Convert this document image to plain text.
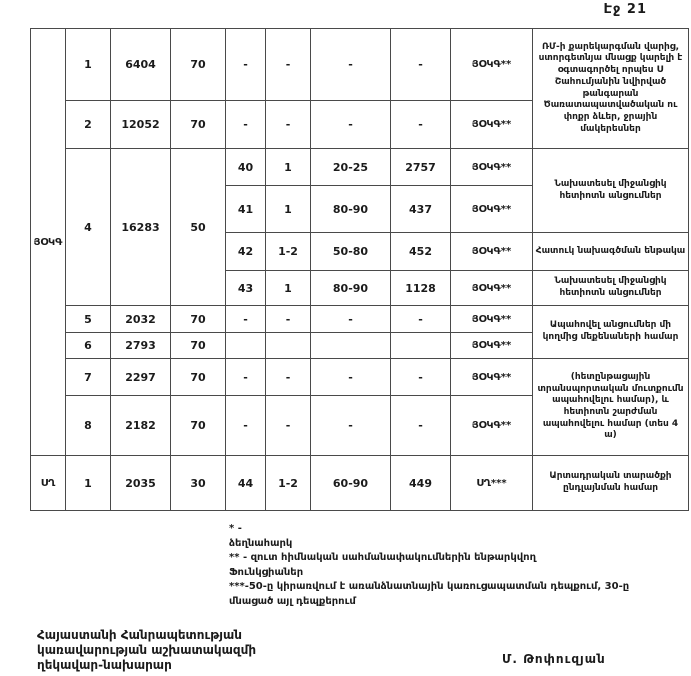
Էջ 21
ՅՕԿԳ	1	6404	70	-	-	-	-	ՅՕԿԳ**	ՌՄ-ի քարեկարգման վարից, ստորգետնյա մնացք կարելի է օգտագործել որպես Ս Շահումյանին նվիրված թանգարան Ծառատապատվածական ու փոքր ձևեր, ջրային մակերեսներ
	2	12052	70	-	-	-	-	ՅՕԿԳ**	
	4	16283	50	40	1	20-25	2757	ՅՕԿԳ**	Նախատեսել միջանցիկ հետիոտն անցումներ
				41	1	80-90	437	ՅՕԿԳ**	
				42	1-2	50-80	452	ՅՕԿԳ**	Հատուկ նախագծման ենթակա
				43	1	80-90	1128	ՅՕԿԳ**	Նախատեսել միջանցիկ հետիոտն անցումներ
	5	2032	70	-	-	-	-	ՅՕԿԳ**	Ապահովել անցումներ մի կողմից մեքենաների համար
	6	2793	70					ՅՕԿԳ**	
	7	2297	70	-	-	-	-	ՅՕԿԳ**	(հետընթացային տրանսպորտական մուտքումն ապահովելու համար), և հետիոտն շարժման ապահովելու համար (տես 4 ա)
	8	2182	70	-	-	-	-	ՅՕԿԳ**	
ՍՂ	1	2035	30	44	1-2	60-90	449	ՍՂ***	Արտադրական տարածքի ընդլայնման համար
* -
ձեղնահարկ
** - զուտ հիմնական սահմանափակումներին ենթարկվող
Ֆունկցիաներ
***-50-ը կիրառվում է առանձնատնային կառուցապատման դեպքում, 30-ը
մնացած այլ դեպքերում
Հայաստանի Հանրապետության
կառավարության աշխատակազմի
ղեկավար-նախարար	Մ. Թոփուզյան
